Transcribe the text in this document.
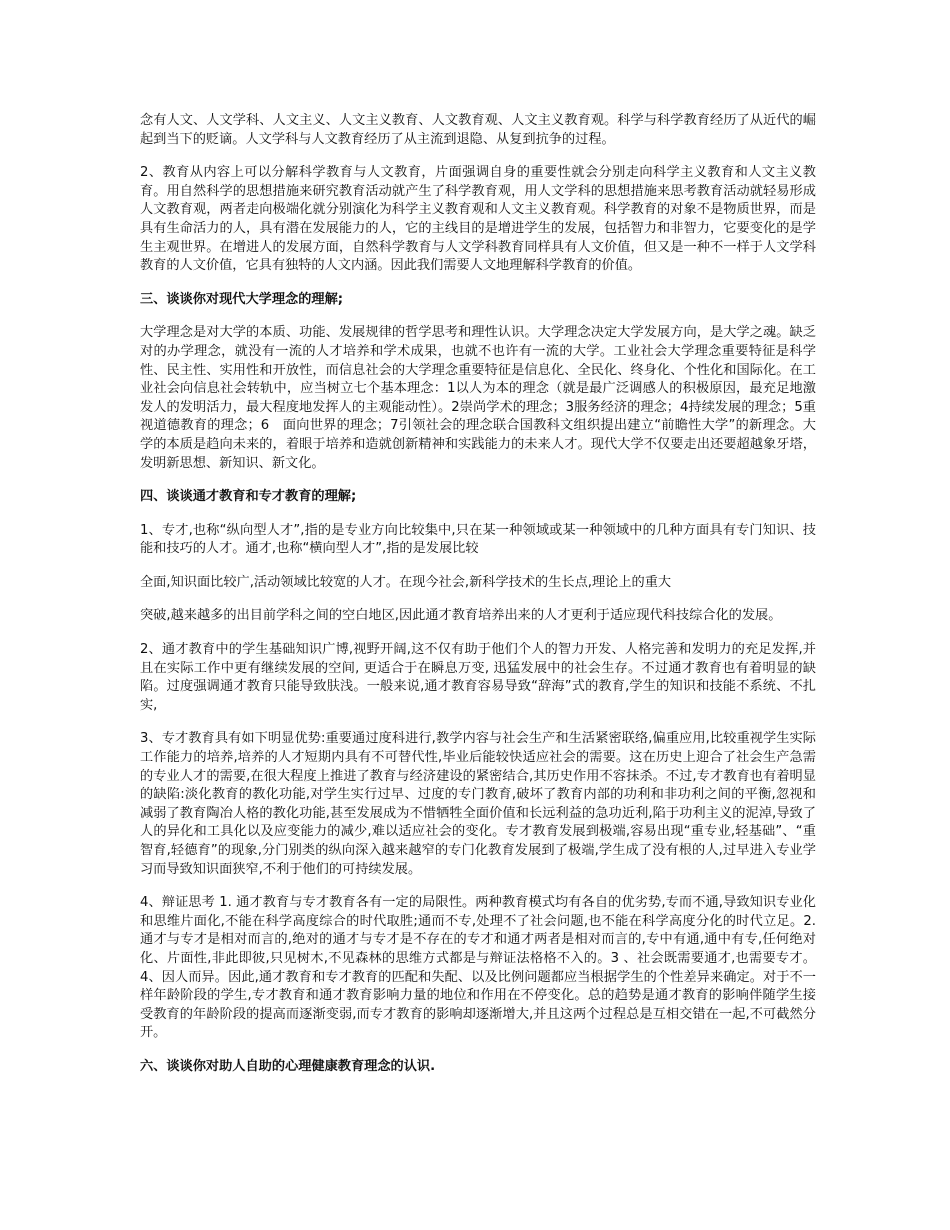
念有人文、人文学科、人文主义、人文主义教育、人文教育观、人文主义教育观。科学与科学教育经历了从近代的崛起到当下的贬谪。人文学科与人文教育经历了从主流到退隐、从复到抗争的过程。

2、教育从内容上可以分解科学教育与人文教育，片面强调自身的重要性就会分别走向科学主义教育和人文主义教育。用自然科学的思想措施来研究教育活动就产生了科学教育观，用人文学科的思想措施来思考教育活动就轻易形成人文教育观，两者走向极端化就分别演化为科学主义教育观和人文主义教育观。科学教育的对象不是物质世界，而是具有生命活力的人，具有潜在发展能力的人，它的主线目的是增进学生的发展，包括智力和非智力，它要变化的是学生主观世界。在增进人的发展方面，自然科学教育与人文学科教育同样具有人文价值，但又是一种不一样于人文学科教育的人文价值，它具有独特的人文内涵。因此我们需要人文地理解科学教育的价值。

三、谈谈你对现代大学理念的理解;

大学理念是对大学的本质、功能、发展规律的哲学思考和理性认识。大学理念决定大学发展方向，是大学之魂。缺乏对的办学理念，就没有一流的人才培养和学术成果，也就不也许有一流的大学。工业社会大学理念重要特征是科学性、民主性、实用性和开放性，而信息社会的大学理念重要特征是信息化、全民化、终身化、个性化和国际化。在工业社会向信息社会转轨中，应当树立七个基本理念：1以人为本的理念（就是最广泛调感人的积极原因，最充足地激发人的发明活力，最大程度地发挥人的主观能动性）。2崇尚学术的理念；3服务经济的理念；4持续发展的理念；5重视道德教育的理念；6　面向世界的理念；7引领社会的理念联合国教科文组织提出建立“前瞻性大学”的新理念。大学的本质是趋向未来的，着眼于培养和造就创新精神和实践能力的未来人才。现代大学不仅要走出还要超越象牙塔，发明新思想、新知识、新文化。

四、谈谈通才教育和专才教育的理解;

1、专才,也称“纵向型人才”,指的是专业方向比较集中,只在某一种领域或某一种领域中的几种方面具有专门知识、技能和技巧的人才。通才,也称“横向型人才”,指的是发展比较

全面,知识面比较广,活动领域比较宽的人才。在现今社会,新科学技术的生长点,理论上的重大

突破,越来越多的出目前学科之间的空白地区,因此通才教育培养出来的人才更利于适应现代科技综合化的发展。

2、通才教育中的学生基础知识广博,视野开阔,这不仅有助于他们个人的智力开发、人格完善和发明力的充足发挥,并且在实际工作中更有继续发展的空间, 更适合于在瞬息万变, 迅猛发展中的社会生存。不过通才教育也有着明显的缺陷。过度强调通才教育只能导致肤浅。一般来说,通才教育容易导致“辞海”式的教育,学生的知识和技能不系统、不扎实,

3、专才教育具有如下明显优势:重要通过度科进行,教学内容与社会生产和生活紧密联络,偏重应用,比较重视学生实际工作能力的培养,培养的人才短期内具有不可替代性,毕业后能较快适应社会的需要。这在历史上迎合了社会生产急需的专业人才的需要,在很大程度上推进了教育与经济建设的紧密结合,其历史作用不容抹杀。不过,专才教育也有着明显的缺陷:淡化教育的教化功能,对学生实行过早、过度的专门教育,破坏了教育内部的功利和非功利之间的平衡,忽视和减弱了教育陶冶人格的教化功能,甚至发展成为不惜牺牲全面价值和长远利益的急功近利,陷于功利主义的泥淖,导致了人的异化和工具化以及应变能力的减少,难以适应社会的变化。专才教育发展到极端,容易出现“重专业,轻基础”、“重智育,轻德育”的现象,分门别类的纵向深入越来越窄的专门化教育发展到了极端,学生成了没有根的人,过早进入专业学习而导致知识面狭窄,不利于他们的可持续发展。

4、辩证思考 1. 通才教育与专才教育各有一定的局限性。两种教育模式均有各自的优劣势,专而不通,导致知识专业化和思维片面化,不能在科学高度综合的时代取胜;通而不专,处理不了社会问题,也不能在科学高度分化的时代立足。2. 通才与专才是相对而言的,绝对的通才与专才是不存在的专才和通才两者是相对而言的,专中有通,通中有专,任何绝对化、片面性,非此即彼,只见树木,不见森林的思维方式都是与辩证法格格不入的。3 、社会既需要通才,也需要专才。4、因人而异。因此,通才教育和专才教育的匹配和失配、以及比例问题都应当根据学生的个性差异来确定。对于不一样年龄阶段的学生,专才教育和通才教育影响力量的地位和作用在不停变化。总的趋势是通才教育的影响伴随学生接受教育的年龄阶段的提高而逐渐变弱,而专才教育的影响却逐渐增大,并且这两个过程总是互相交错在一起,不可截然分开。

六、谈谈你对助人自助的心理健康教育理念的认识.
